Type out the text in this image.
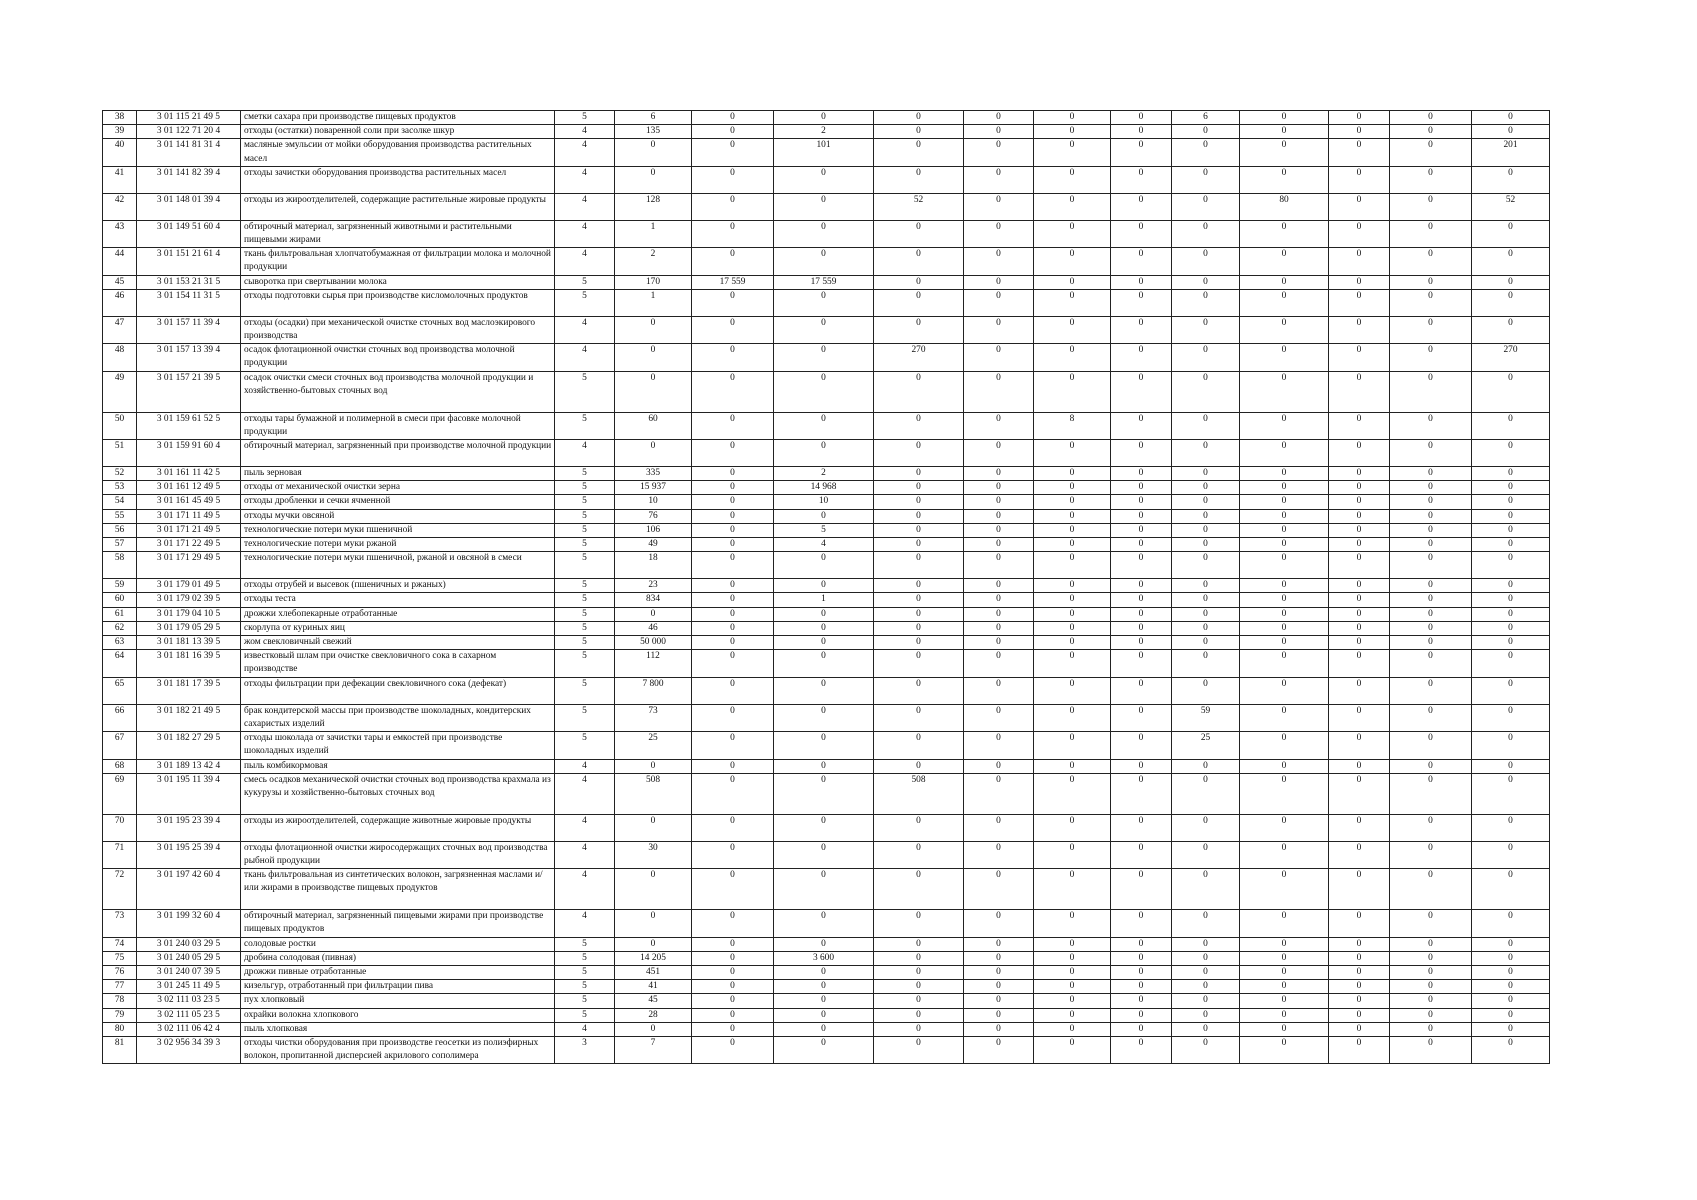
38	3 01 115 21 49 5	сметки сахара при производстве пищевых продуктов	5	6	0	0	0	0	0	0	6	0	0	0	0
39	3 01 122 71 20 4	отходы (остатки) поваренной соли при засолке шкур	4	135	0	2	0	0	0	0	0	0	0	0	0
40	3 01 141 81 31 4	масляные эмульсии от мойки оборудования производства растительных масел	4	0	0	101	0	0	0	0	0	0	0	0	201
41	3 01 141 82 39 4	отходы зачистки оборудования производства растительных масел	4	0	0	0	0	0	0	0	0	0	0	0	0
42	3 01 148 01 39 4	отходы из жироотделителей, содержащие растительные жировые продукты	4	128	0	0	52	0	0	0	0	80	0	0	52
43	3 01 149 51 60 4	обтирочный материал, загрязненный животными и растительными пищевыми жирами	4	1	0	0	0	0	0	0	0	0	0	0	0
44	3 01 151 21 61 4	ткань фильтровальная хлопчатобумажная от фильтрации молока и молочной продукции	4	2	0	0	0	0	0	0	0	0	0	0	0
45	3 01 153 21 31 5	сыворотка при свертывании молока	5	170	17 559	17 559	0	0	0	0	0	0	0	0	0
46	3 01 154 11 31 5	отходы подготовки сырья при производстве кисломолочных продуктов	5	1	0	0	0	0	0	0	0	0	0	0	0
47	3 01 157 11 39 4	отходы (осадки) при механической очистке сточных вод маслоэкирового производства	4	0	0	0	0	0	0	0	0	0	0	0	0
48	3 01 157 13 39 4	осадок флотационной очистки сточных вод производства молочной продукции	4	0	0	0	270	0	0	0	0	0	0	0	270
49	3 01 157 21 39 5	осадок очистки смеси сточных вод производства молочной продукции и хозяйственно-бытовых сточных вод	5	0	0	0	0	0	0	0	0	0	0	0	0
50	3 01 159 61 52 5	отходы тары бумажной и полимерной в смеси при фасовке молочной продукции	5	60	0	0	0	0	8	0	0	0	0	0	0
51	3 01 159 91 60 4	обтирочный материал, загрязненный при производстве молочной продукции	4	0	0	0	0	0	0	0	0	0	0	0	0
52	3 01 161 11 42 5	пыль зерновая	5	335	0	2	0	0	0	0	0	0	0	0	0
53	3 01 161 12 49 5	отходы от механической очистки зерна	5	15 937	0	14 968	0	0	0	0	0	0	0	0	0
54	3 01 161 45 49 5	отходы дробленки и сечки ячменной	5	10	0	10	0	0	0	0	0	0	0	0	0
55	3 01 171 11 49 5	отходы мучки овсяной	5	76	0	0	0	0	0	0	0	0	0	0	0
56	3 01 171 21 49 5	технологические потери муки пшеничной	5	106	0	5	0	0	0	0	0	0	0	0	0
57	3 01 171 22 49 5	технологические потери муки ржаной	5	49	0	4	0	0	0	0	0	0	0	0	0
58	3 01 171 29 49 5	технологические потери муки пшеничной, ржаной и овсяной в смеси	5	18	0	0	0	0	0	0	0	0	0	0	0
59	3 01 179 01 49 5	отходы отрубей и высевок (пшеничных и ржаных)	5	23	0	0	0	0	0	0	0	0	0	0	0
60	3 01 179 02 39 5	отходы теста	5	834	0	1	0	0	0	0	0	0	0	0	0
61	3 01 179 04 10 5	дрожжи хлебопекарные отработанные	5	0	0	0	0	0	0	0	0	0	0	0	0
62	3 01 179 05 29 5	скорлупа от куриных яиц	5	46	0	0	0	0	0	0	0	0	0	0	0
63	3 01 181 13 39 5	жом свекловичный свежий	5	50 000	0	0	0	0	0	0	0	0	0	0	0
64	3 01 181 16 39 5	известковый шлам при очистке свекловичного сока в сахарном производстве	5	112	0	0	0	0	0	0	0	0	0	0	0
65	3 01 181 17 39 5	отходы фильтрации при дефекации свекловичного сока (дефекат)	5	7 800	0	0	0	0	0	0	0	0	0	0	0
66	3 01 182 21 49 5	брак кондитерской массы при производстве шоколадных, кондитерских сахаристых изделий	5	73	0	0	0	0	0	0	59	0	0	0	0
67	3 01 182 27 29 5	отходы шоколада от зачистки тары и емкостей при производстве шоколадных изделий	5	25	0	0	0	0	0	0	25	0	0	0	0
68	3 01 189 13 42 4	пыль комбикормовая	4	0	0	0	0	0	0	0	0	0	0	0	0
69	3 01 195 11 39 4	смесь осадков механической очистки сточных вод производства крахмала из кукурузы и хозяйственно-бытовых сточных вод	4	508	0	0	508	0	0	0	0	0	0	0	0
70	3 01 195 23 39 4	отходы из жироотделителей, содержащие животные жировые продукты	4	0	0	0	0	0	0	0	0	0	0	0	0
71	3 01 195 25 39 4	отходы флотационной очистки жиросодержащих сточных вод производства рыбной продукции	4	30	0	0	0	0	0	0	0	0	0	0	0
72	3 01 197 42 60 4	ткань фильтровальная из синтетических волокон, загрязненная маслами и/или жирами в производстве пищевых продуктов	4	0	0	0	0	0	0	0	0	0	0	0	0
73	3 01 199 32 60 4	обтирочный материал, загрязненный пищевыми жирами при производстве пищевых продуктов	4	0	0	0	0	0	0	0	0	0	0	0	0
74	3 01 240 03 29 5	солодовые ростки	5	0	0	0	0	0	0	0	0	0	0	0	0
75	3 01 240 05 29 5	дробина солодовая (пивная)	5	14 205	0	3 600	0	0	0	0	0	0	0	0	0
76	3 01 240 07 39 5	дрожжи пивные отработанные	5	451	0	0	0	0	0	0	0	0	0	0	0
77	3 01 245 11 49 5	кизельгур, отработанный при фильтрации пива	5	41	0	0	0	0	0	0	0	0	0	0	0
78	3 02 111 03 23 5	пух хлопковый	5	45	0	0	0	0	0	0	0	0	0	0	0
79	3 02 111 05 23 5	охрайки волокна хлопкового	5	28	0	0	0	0	0	0	0	0	0	0	0
80	3 02 111 06 42 4	пыль хлопковая	4	0	0	0	0	0	0	0	0	0	0	0	0
81	3 02 956 34 39 3	отходы чистки оборудования при производстве геосетки из полиэфирных волокон, пропитанной дисперсией акрилового сополимера	3	7	0	0	0	0	0	0	0	0	0	0	0
